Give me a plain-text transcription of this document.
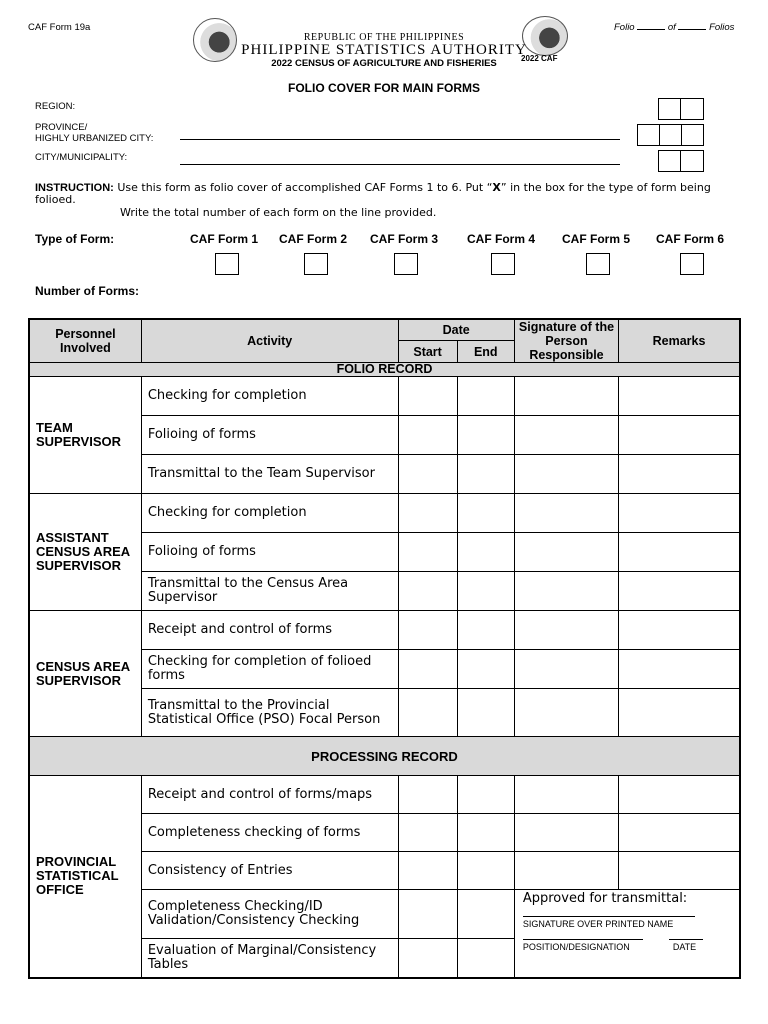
CAF Form 19a	Folio	of	Folios
2022 CAF
REPUBLIC OF THE PHILIPPINES
PHILIPPINE STATISTICS AUTHORITY
2022 CENSUS OF AGRICULTURE AND FISHERIES
FOLIO COVER FOR MAIN FORMS
REGION:
PROVINCE/
HIGHLY URBANIZED CITY:
CITY/MUNICIPALITY:
INSTRUCTION: Use this form as folio cover of accomplished CAF Forms 1 to 6. Put “X” in the box for the type of form being
folioed.
Write the total number of each form on the line provided.
Type of Form:	CAF Form 1 CAF Form 2 CAF Form 3 CAF Form 4 CAF Form 5 CAF Form 6
Number of Forms:
Personnel Involved	Activity	Date		Signature of the Person Responsible	Remarks
		Start	End		
FOLIO RECORD					
TEAM SUPERVISOR	Checking for completion				
	Folioing of forms				
	Transmittal to the Team Supervisor				
ASSISTANT CENSUS AREA SUPERVISOR	Checking for completion				
	Folioing of forms				
	Transmittal to the Census Area Supervisor				
CENSUS AREA SUPERVISOR	Receipt and control of forms				
	Checking for completion of folioed forms				
	Transmittal to the Provincial Statistical Office (PSO) Focal Person				
PROCESSING RECORD					
PROVINCIAL STATISTICAL OFFICE	Receipt and control of forms/maps				
	Completeness checking of forms				
	Consistency of Entries				
	Completeness Checking/ID Validation/Consistency Checking			Approved for transmittal:
SIGNATURE OVER PRINTED NAME
POSITION/DESIGNATION DATE	

	Evaluation of Marginal/Consistency Tables				
